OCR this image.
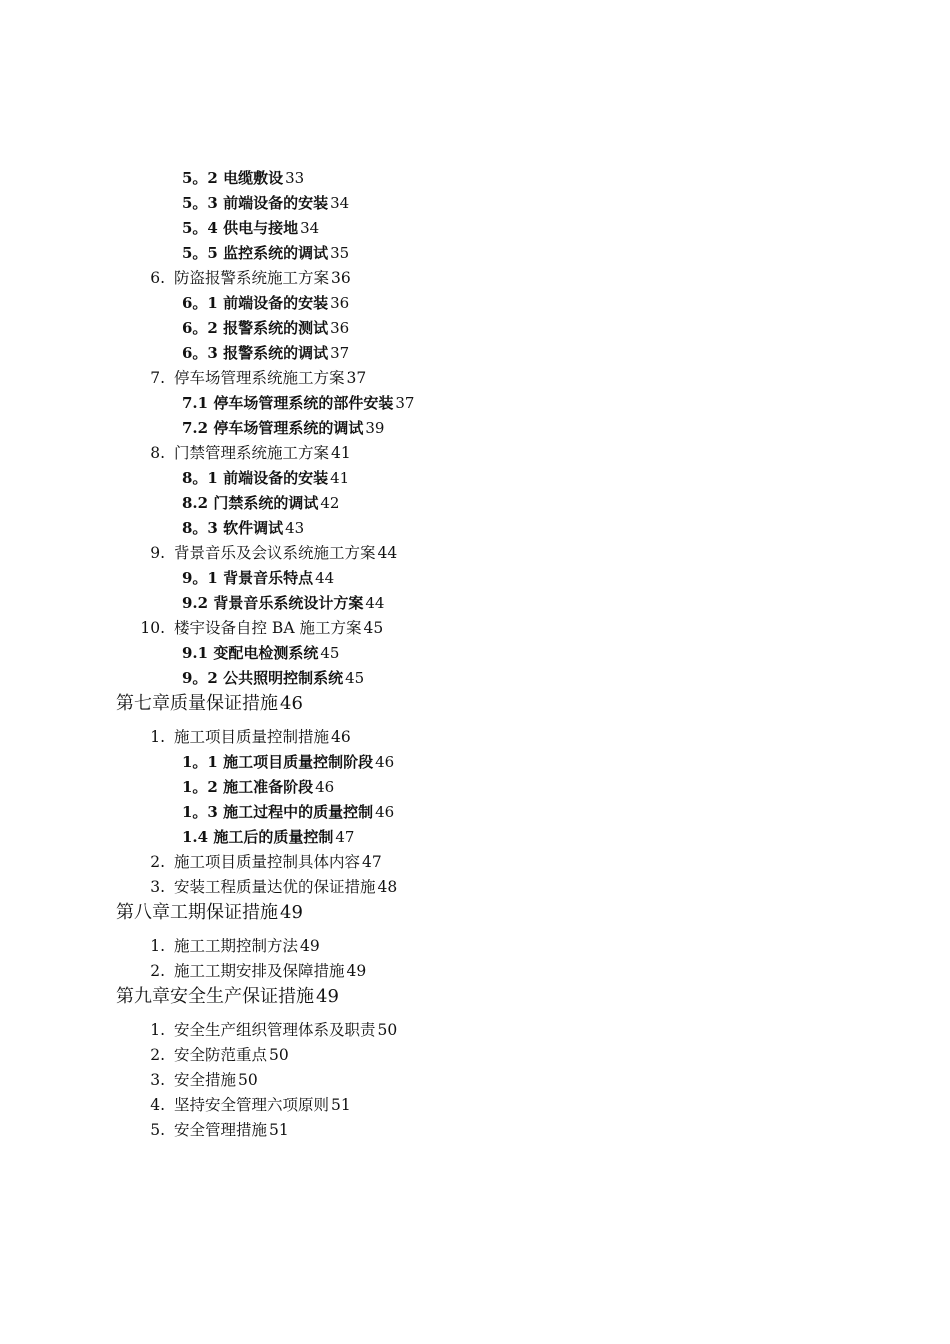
5。2 电缆敷设 33
5。3 前端设备的安装 34
5。4 供电与接地 34
5。5 监控系统的调试 35
6. 防盗报警系统施工方案 36
6。1 前端设备的安装 36
6。2 报警系统的测试 36
6。3 报警系统的调试 37
7. 停车场管理系统施工方案 37
7.1 停车场管理系统的部件安装 37
7.2 停车场管理系统的调试 39
8. 门禁管理系统施工方案 41
8。1 前端设备的安装 41
8.2 门禁系统的调试 42
8。3 软件调试 43
9. 背景音乐及会议系统施工方案 44
9。1 背景音乐特点 44
9.2 背景音乐系统设计方案 44
10. 楼宇设备自控 BA 施工方案 45
9.1 变配电检测系统 45
9。2 公共照明控制系统 45
第七章质量保证措施 46
1. 施工项目质量控制措施 46
1。1 施工项目质量控制阶段 46
1。2 施工准备阶段 46
1。3 施工过程中的质量控制 46
1.4 施工后的质量控制 47
2. 施工项目质量控制具体内容 47
3. 安装工程质量达优的保证措施 48
第八章工期保证措施 49
1. 施工工期控制方法 49
2. 施工工期安排及保障措施 49
第九章安全生产保证措施 49
1. 安全生产组织管理体系及职责 50
2. 安全防范重点 50
3. 安全措施 50
4. 坚持安全管理六项原则 51
5. 安全管理措施 51
